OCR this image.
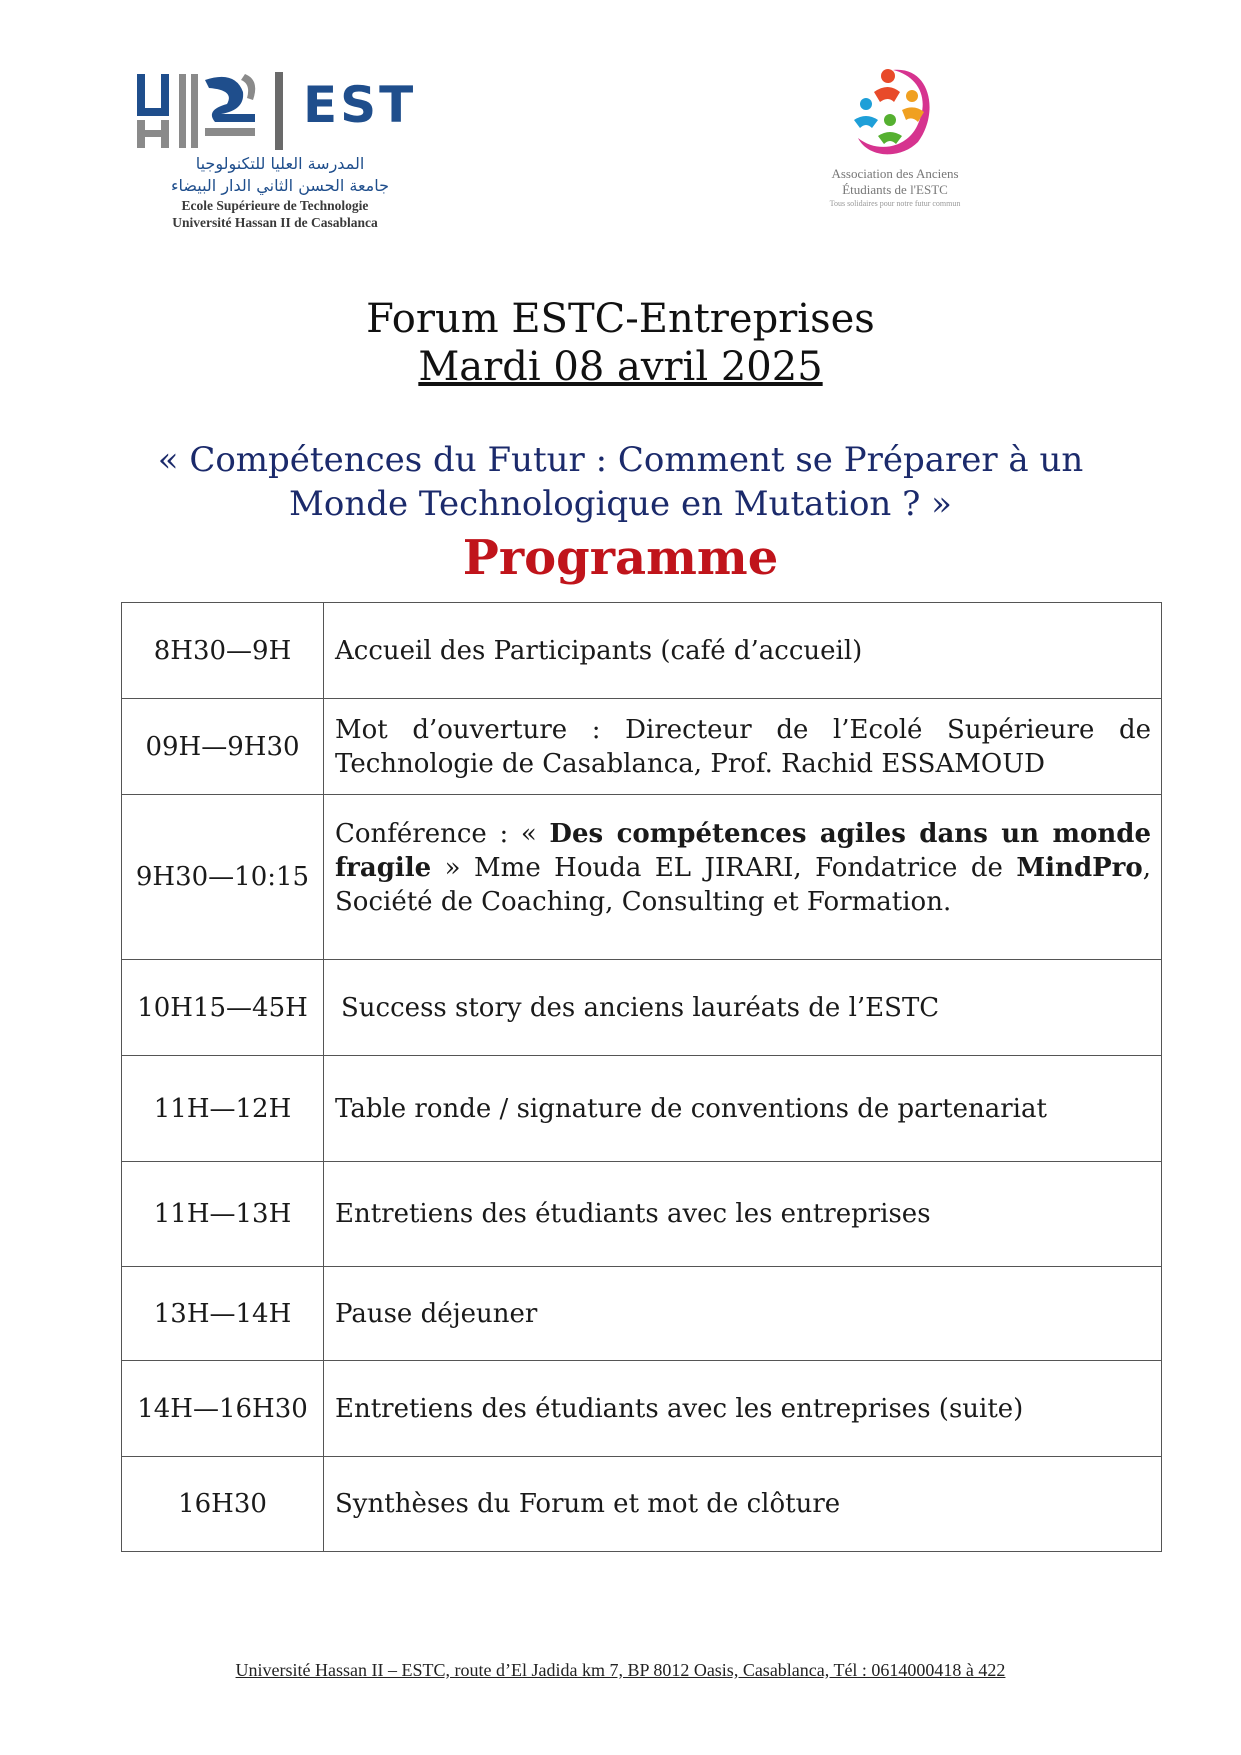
EST
المدرسة العليا للتكنولوجيا
جامعة الحسن الثاني الدار البيضاء
Ecole Supérieure de Technologie
Université Hassan II de Casablanca
Association des Anciens
Étudiants de l'ESTC
Tous solidaires pour notre futur commun
Forum ESTC-Entreprises
Mardi 08 avril 2025
« Compétences du Futur : Comment se Préparer à un
Monde Technologique en Mutation ? »
Programme
8H30—9H	Accueil des Participants (café d’accueil)
09H—9H30	Mot d’ouverture : Directeur de l’Ecolé Supérieure de Technologie de Casablanca, Prof. Rachid ESSAMOUD
9H30—10:15	Conférence : « Des compétences agiles dans un monde fragile » Mme Houda EL JIRARI, Fondatrice de MindPro, Société de Coaching, Consulting et Formation.
10H15—45H	Success story des anciens lauréats de l’ESTC
11H—12H	Table ronde / signature de conventions de partenariat
11H—13H	Entretiens des étudiants avec les entreprises
13H—14H	Pause déjeuner
14H—16H30	Entretiens des étudiants avec les entreprises (suite)
16H30	Synthèses du Forum et mot de clôture
Université Hassan II – ESTC, route d’El Jadida km 7, BP 8012 Oasis, Casablanca, Tél : 0614000418 à 422
